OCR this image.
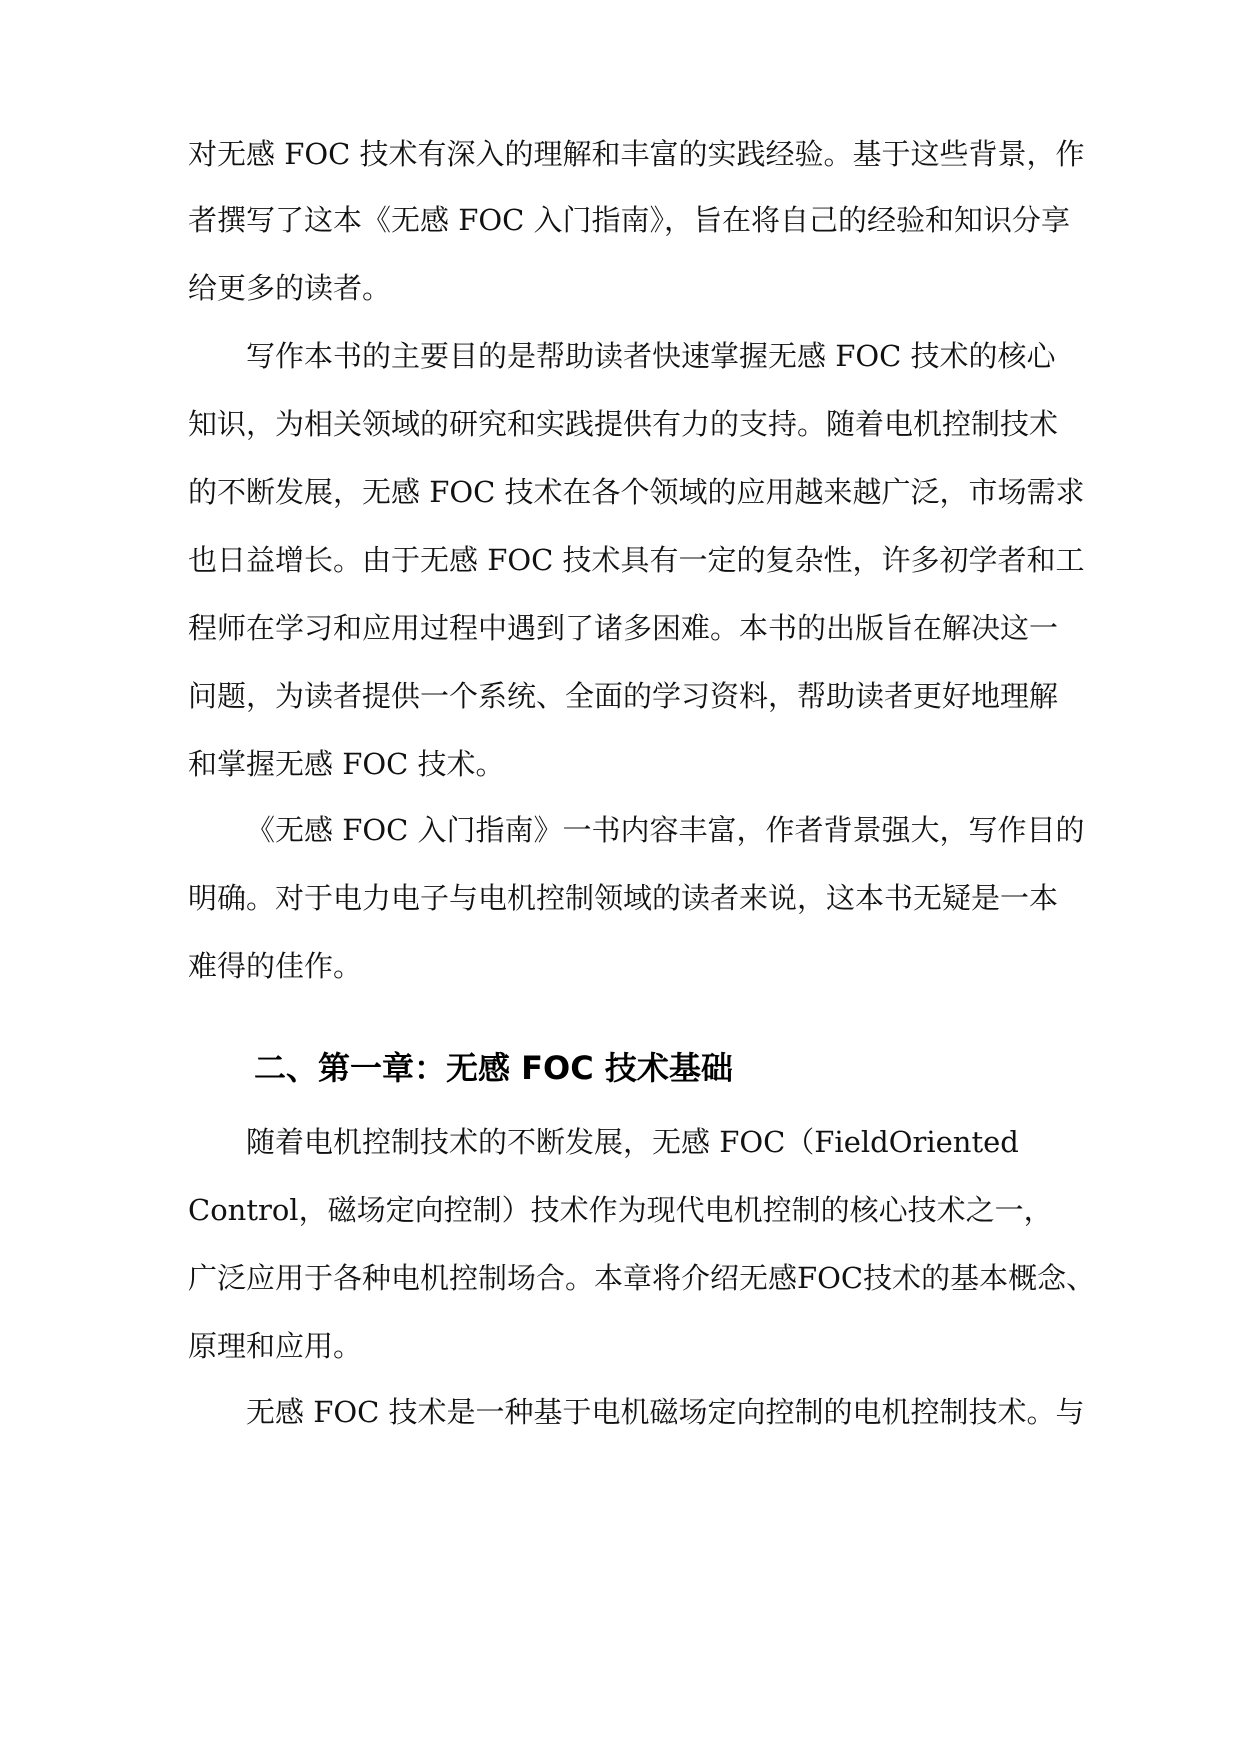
对无感 FOC 技术有深入的理解和丰富的实践经验。基于这些背景，作
者撰写了这本《无感 FOC 入门指南》，旨在将自己的经验和知识分享
给更多的读者。
写作本书的主要目的是帮助读者快速掌握无感 FOC 技术的核心
知识，为相关领域的研究和实践提供有力的支持。随着电机控制技术
的不断发展，无感 FOC 技术在各个领域的应用越来越广泛，市场需求
也日益增长。由于无感 FOC 技术具有一定的复杂性，许多初学者和工
程师在学习和应用过程中遇到了诸多困难。本书的出版旨在解决这一
问题，为读者提供一个系统、全面的学习资料，帮助读者更好地理解
和掌握无感 FOC 技术。
《无感 FOC 入门指南》一书内容丰富，作者背景强大，写作目的
明确。对于电力电子与电机控制领域的读者来说，这本书无疑是一本
难得的佳作。
二、第一章：无感 FOC 技术基础
随着电机控制技术的不断发展，无感 FOC（FieldOriented
Control，磁场定向控制）技术作为现代电机控制的核心技术之一，
广泛应用于各种电机控制场合。本章将介绍无感FOC技术的基本概念、
原理和应用。
无感 FOC 技术是一种基于电机磁场定向控制的电机控制技术。与
